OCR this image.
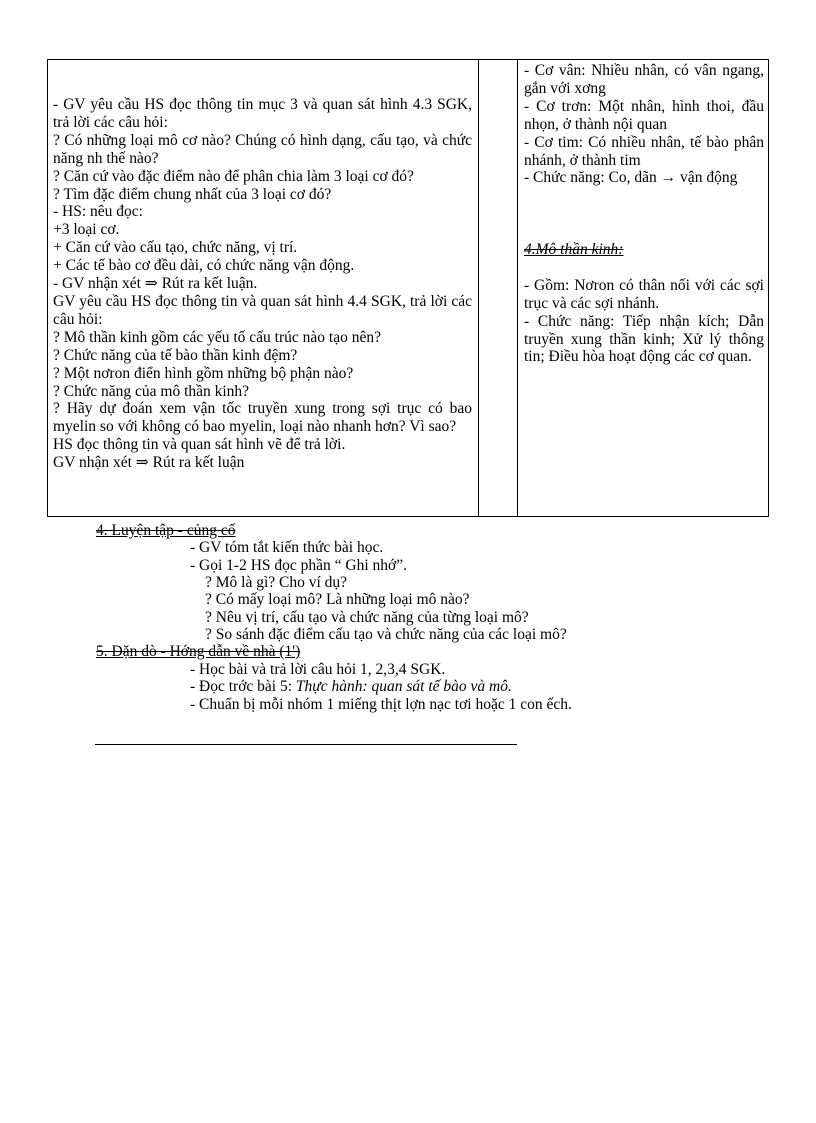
- GV yêu cầu HS đọc thông tin mục 3 và quan sát hình 4.3 SGK, trả lời các câu hỏi:
? Có những loại mô cơ nào? Chúng có hình dạng, cấu tạo, và chức năng nh thế nào?
? Căn cứ vào đặc điểm nào để phân chia làm 3 loại cơ đó?
? Tìm đặc điểm chung nhất của 3 loại cơ đó?
- HS: nêu đọc:
+3 loại cơ.
+ Căn cứ vào cấu tạo, chức năng, vị trí.
+ Các tế bào cơ đều dài, có chức năng vận động.
- GV nhận xét ⇒ Rút ra kết luận.
GV yêu cầu HS đọc thông tin và quan sát hình 4.4 SGK, trả lời các câu hỏi:
? Mô thần kinh gồm các yếu tố cấu trúc nào tạo nên?
? Chức năng của tế bào thần kinh đệm?
? Một nơron điển hình gồm những bộ phận nào?
? Chức năng của mô thần kinh?
? Hãy dự đoán xem vận tốc truyền xung trong sợi trục có bao myelin so với không có bao myelin, loại nào nhanh hơn? Vì sao?
HS đọc thông tin và quan sát hình vẽ để trả lời.
GV nhận xét ⇒ Rút ra kết luận
- Cơ vân: Nhiều nhân, có vân ngang, gắn với xơng
- Cơ trơn: Một nhân, hình thoi, đầu nhọn, ở thành nội quan
- Cơ tim: Có nhiều nhân, tế bào phân nhánh, ở thành tim
- Chức năng: Co, dãn → vận động
4.Mô thần kinh:
- Gồm: Nơron có thân nối với các sợi trục và các sợi nhánh.
- Chức năng: Tiếp nhận kích; Dẫn truyền xung thần kinh; Xử lý thông tin; Điều hòa hoạt động các cơ quan.
4. Luyện tập - củng cố
- GV tóm tắt kiến thức bài học.
- Gọi 1-2 HS đọc phần “ Ghi nhớ”.
? Mô là gì? Cho ví dụ?
? Có mấy loại mô? Là những loại mô nào?
? Nêu vị trí, cấu tạo và chức năng của từng loại mô?
? So sánh đặc điểm cấu tạo và chức năng của các loại mô?
5. Dặn dò - Hớng dẫn về nhà (1')
- Học bài và trả lời câu hỏi 1, 2,3,4 SGK.
- Đọc trớc bài 5: Thực hành: quan sát tế bào và mô.
- Chuẩn bị mỗi nhóm 1 miếng thịt lợn nạc tơi hoặc 1 con ếch.
